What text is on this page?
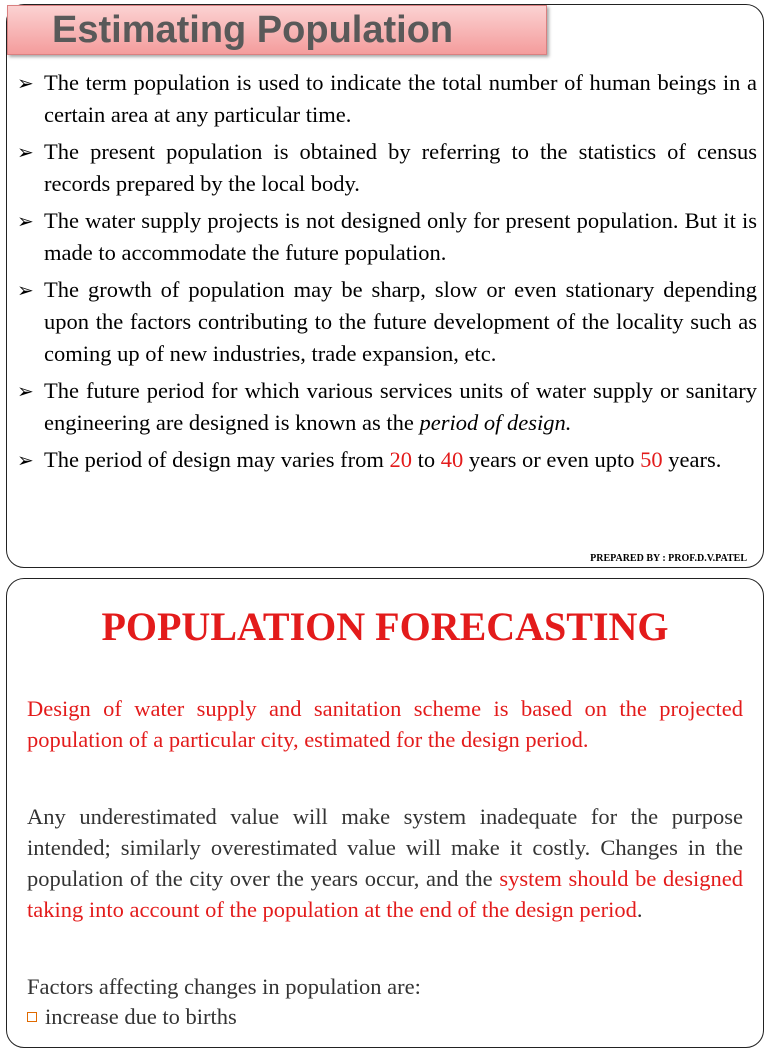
Estimating Population
➢ The term population is used to indicate the total number of human beings in a certain area at any particular time.
➢ The present population is obtained by referring to the statistics of census records prepared by the local body.
➢ The water supply projects is not designed only for present population. But it is made to accommodate the future population.
➢ The growth of population may be sharp, slow or even stationary depending upon the factors contributing to the future development of the locality such as coming up of new industries, trade expansion, etc.
➢ The future period for which various services units of water supply or sanitary engineering are designed is known as the period of design.
➢ The period of design may varies from 20 to 40 years or even upto 50 years.
PREPARED BY : PROF.D.V.PATEL
POPULATION FORECASTING

Design of water supply and sanitation scheme is based on the projected population of a particular city, estimated for the design period.

Any underestimated value will make system inadequate for the purpose intended; similarly overestimated value will make it costly. Changes in the population of the city over the years occur, and the system should be designed taking into account of the population at the end of the design period.

Factors affecting changes in population are:

increase due to births
